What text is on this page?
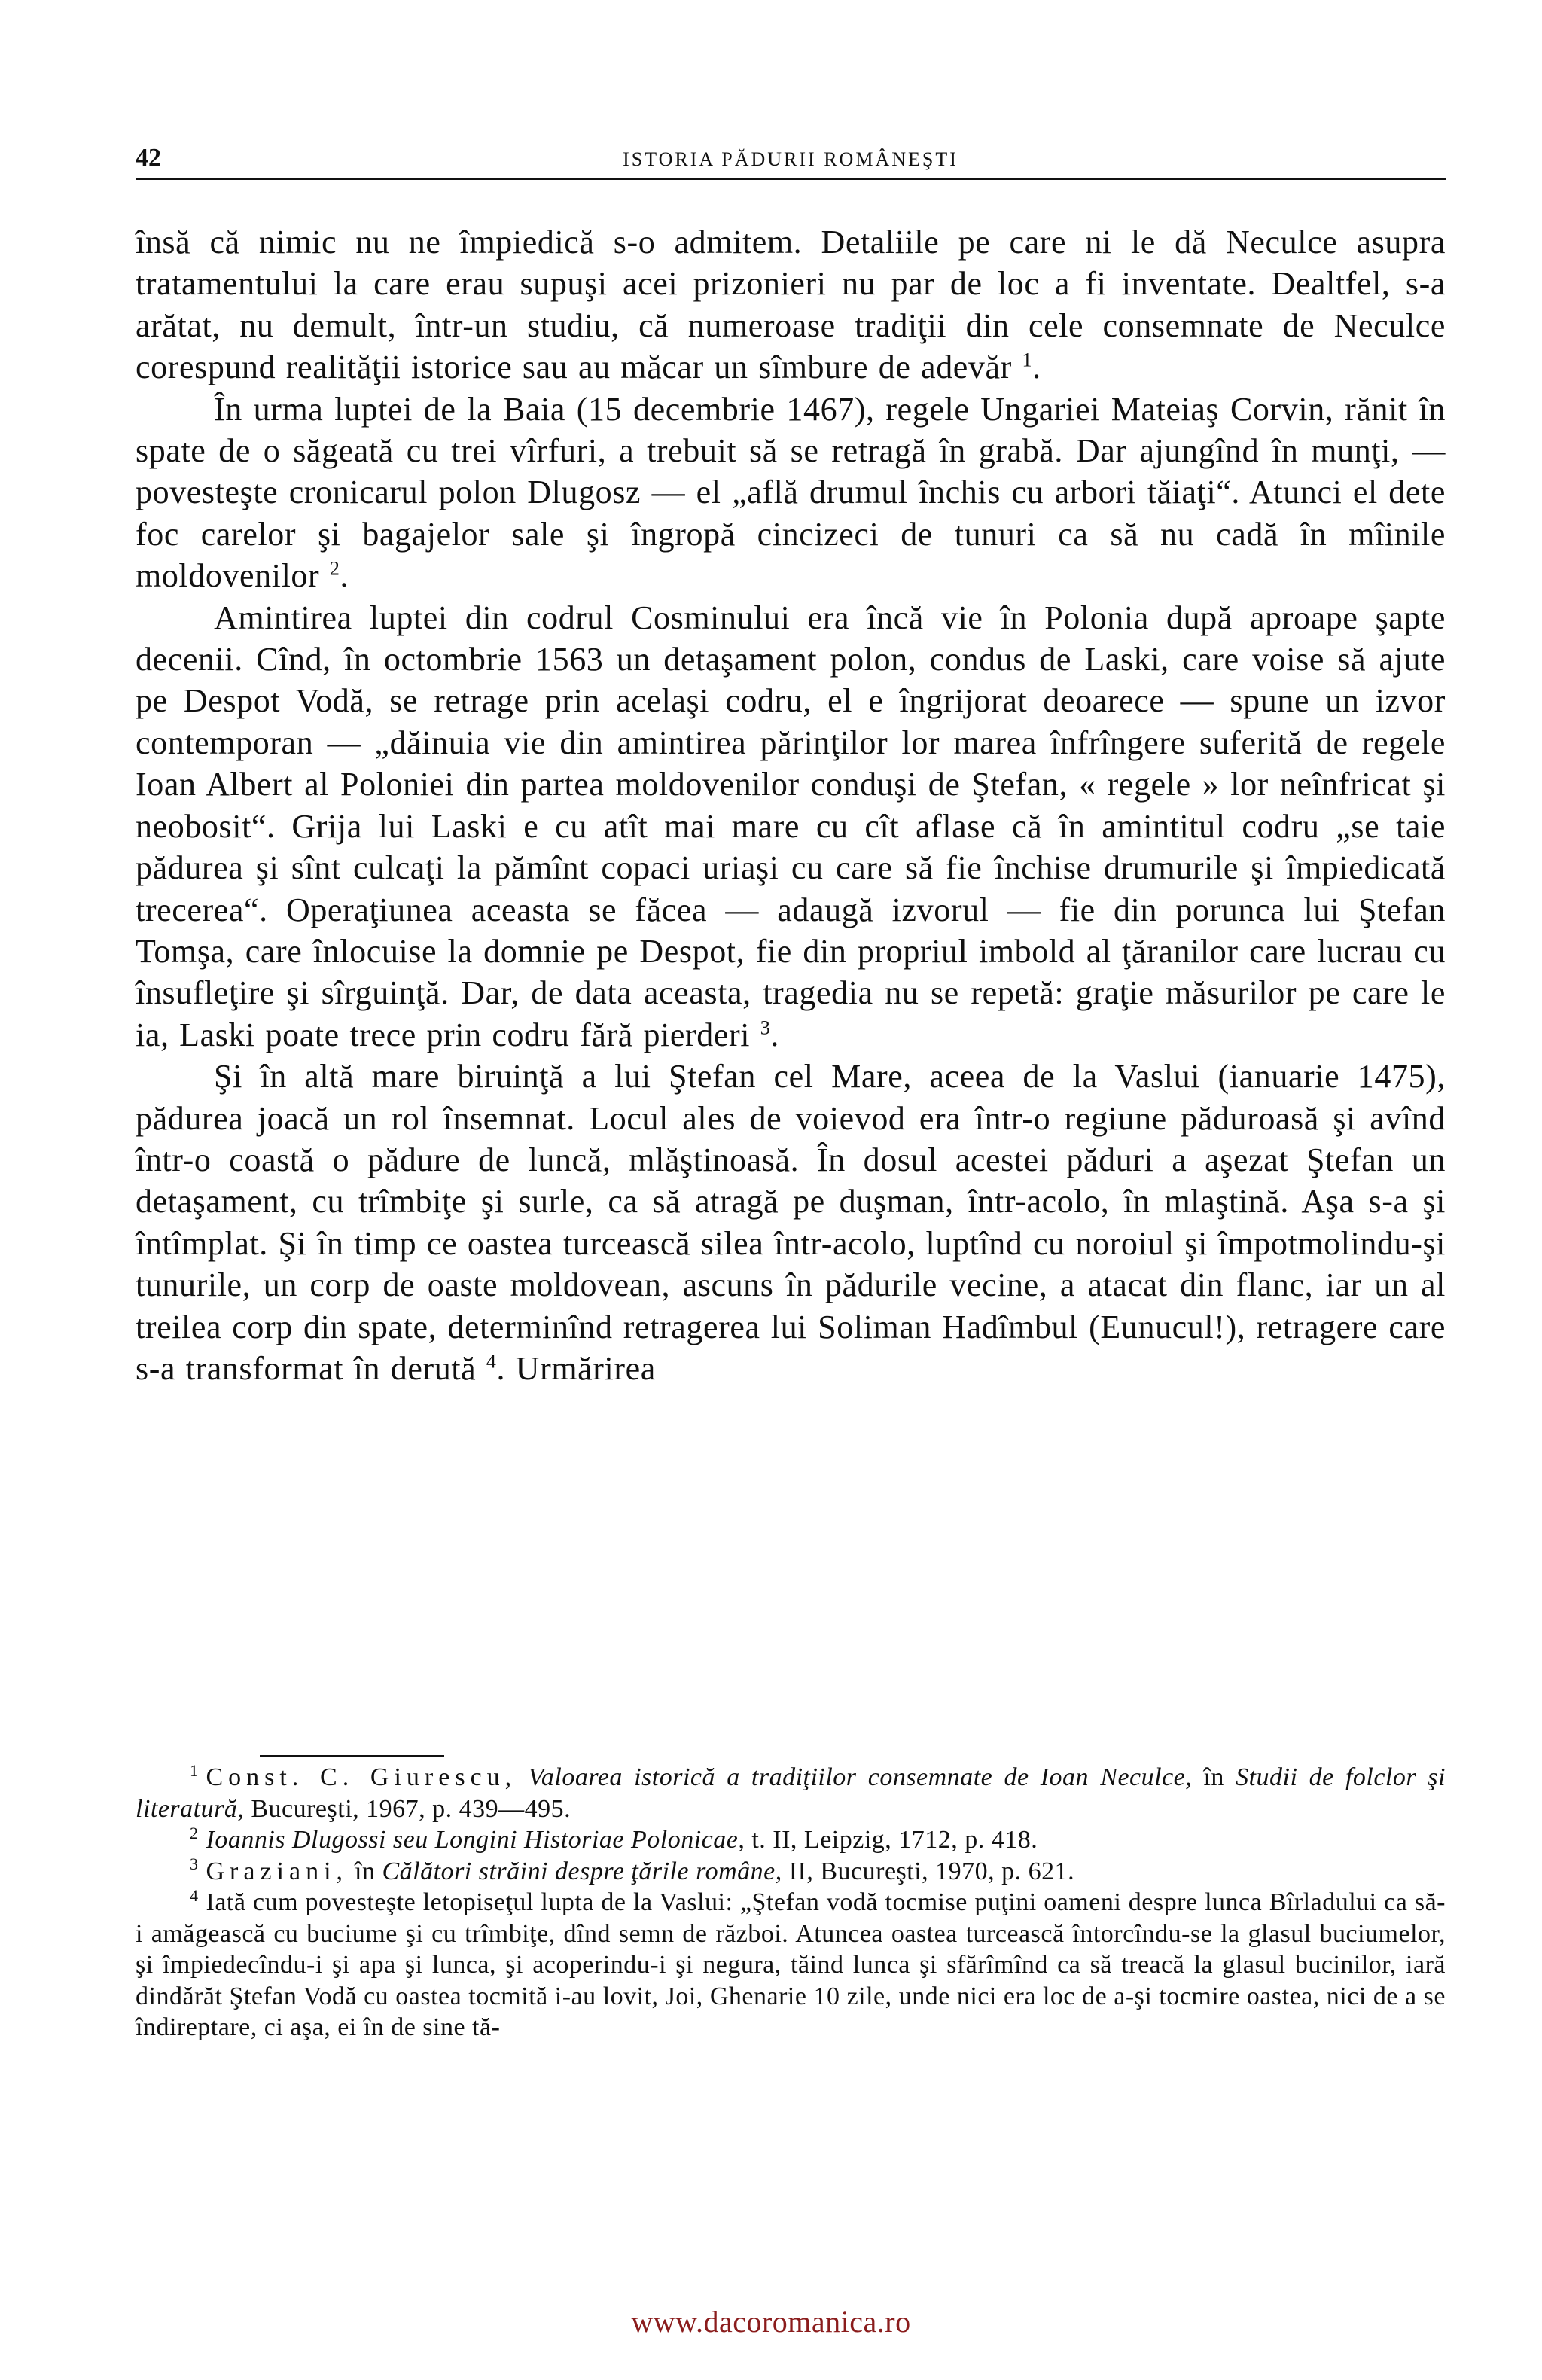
42	ISTORIA PĂDURII ROMÂNEŞTI

însă că nimic nu ne împiedică s-o admitem. Detaliile pe care ni le dă Neculce asupra tratamentului la care erau supuşi acei prizonieri nu par de loc a fi inventate. Dealtfel, s-a arătat, nu demult, într-un studiu, că numeroase tradiţii din cele consemnate de Neculce corespund realităţii istorice sau au măcar un sîmbure de adevăr $^1$.

În urma luptei de la Baia (15 decembrie 1467), regele Ungariei Mateiaş Corvin, rănit în spate de o săgeată cu trei vîrfuri, a trebuit să se retragă în grabă. Dar ajungînd în munţi, — povesteşte cronicarul polon Dlugosz — el „află drumul închis cu arbori tăiaţi“. Atunci el dete foc carelor şi bagajelor sale şi îngropă cincizeci de tunuri ca să nu cadă în mîinile moldovenilor $^2$.

Amintirea luptei din codrul Cosminului era încă vie în Polonia după aproape şapte decenii. Cînd, în octombrie 1563 un detaşament polon, condus de Laski, care voise să ajute pe Despot Vodă, se retrage prin acelaşi codru, el e îngrijorat deoarece — spune un izvor contemporan — „dăinuia vie din amintirea părinţilor lor marea înfrîngere suferită de regele Ioan Albert al Poloniei din partea moldovenilor conduşi de Ştefan, « regele » lor neînfricat şi neobosit“. Grija lui Laski e cu atît mai mare cu cît aflase că în amintitul codru „se taie pădurea şi sînt culcaţi la pămînt copaci uriaşi cu care să fie închise drumurile şi împiedicată trecerea“. Operaţiunea aceasta se făcea — adaugă izvorul — fie din porunca lui Ştefan Tomşa, care înlocuise la domnie pe Despot, fie din propriul imbold al ţăranilor care lucrau cu însufleţire şi sîrguinţă. Dar, de data aceasta, tragedia nu se repetă: graţie măsurilor pe care le ia, Laski poate trece prin codru fără pierderi $^3$.

Şi în altă mare biruinţă a lui Ştefan cel Mare, aceea de la Vaslui (ianuarie 1475), pădurea joacă un rol însemnat. Locul ales de voievod era într-o regiune păduroasă şi avînd într-o coastă o pădure de luncă, mlăştinoasă. În dosul acestei păduri a aşezat Ştefan un detaşament, cu trîmbiţe şi surle, ca să atragă pe duşman, într-acolo, în mlaştină. Aşa s-a şi întîmplat. Şi în timp ce oastea turcească silea într-acolo, luptînd cu noroiul şi împotmolindu-şi tunurile, un corp de oaste moldovean, ascuns în pădurile vecine, a atacat din flanc, iar un al treilea corp din spate, determinînd retragerea lui Soliman Hadîmbul (Eunucul!), retragere care s-a transformat în derută $^4$. Urmărirea

$^1$ Const. C. Giurescu, Valoarea istorică a tradiţiilor consemnate de Ioan Neculce, în Studii de folclor şi literatură, Bucureşti, 1967, p. 439—495.

$^2$ Ioannis Dlugossi seu Longini Historiae Polonicae, t. II, Leipzig, 1712, p. 418.

$^3$ Graziani, în Călători străini despre ţările române, II, Bucureşti, 1970, p. 621.

$^4$ Iată cum povesteşte letopiseţul lupta de la Vaslui: „Ştefan vodă tocmise puţini oameni despre lunca Bîrladului ca să-i amăgească cu buciume şi cu trîmbiţe, dînd semn de război. Atuncea oastea turcească întorcîndu-se la glasul buciumelor, şi împiedecîndu-i şi apa şi lunca, şi acoperindu-i şi negura, tăind lunca şi sfărîmînd ca să treacă la glasul bucinilor, iară dindărăt Ştefan Vodă cu oastea tocmită i-au lovit, Joi, Ghenarie 10 zile, unde nici era loc de a-şi tocmire oastea, nici de a se îndireptare, ci aşa, ei în de sine tă-

www.dacoromanica.ro
